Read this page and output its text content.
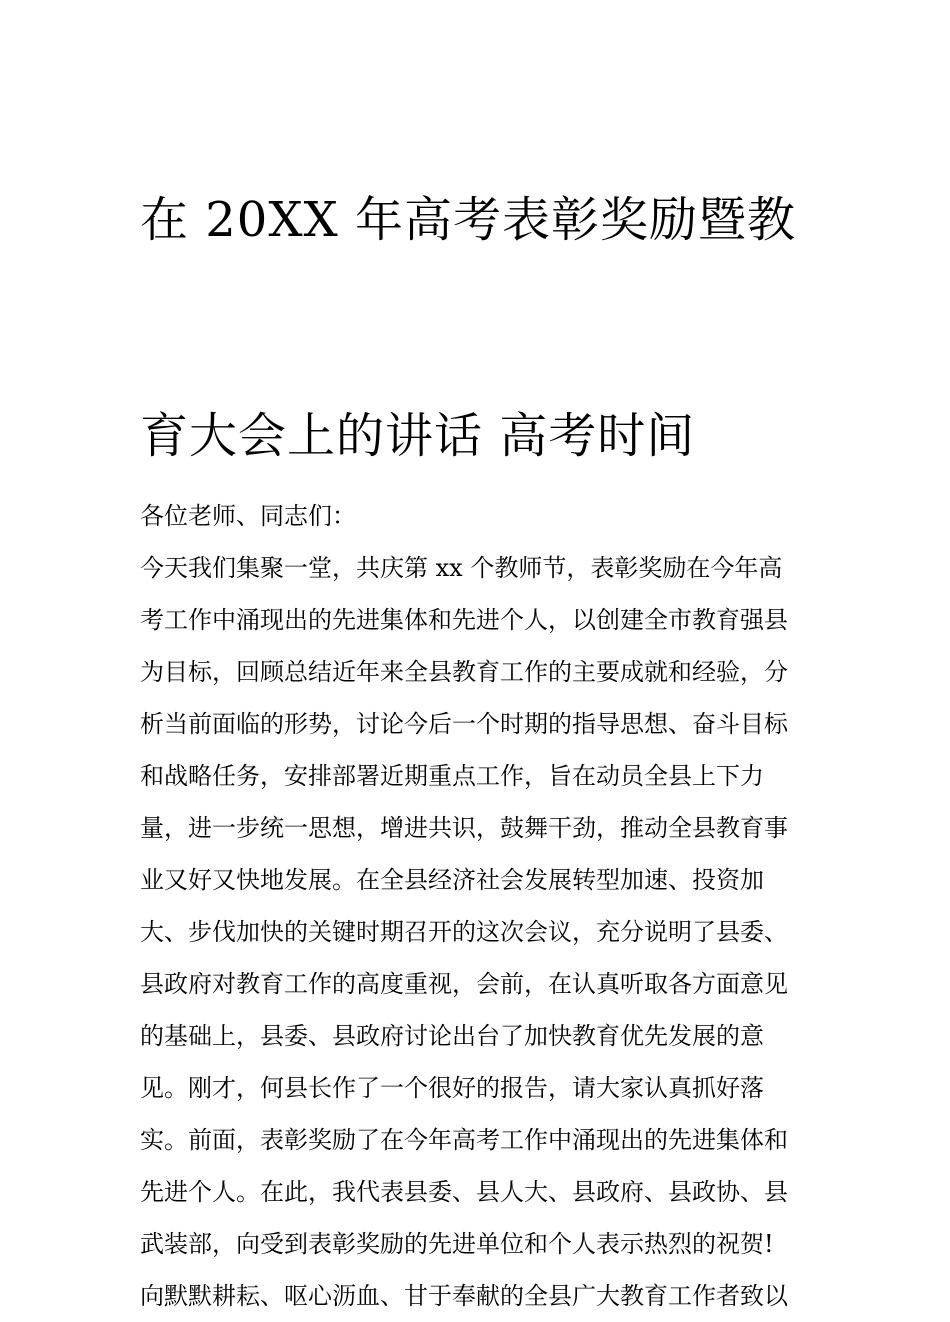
在 20XX 年高考表彰奖励暨教

育大会上的讲话 高考时间

各位老师、同志们：

今天我们集聚一堂，共庆第 xx 个教师节，表彰奖励在今年高
考工作中涌现出的先进集体和先进个人，以创建全市教育强县
为目标，回顾总结近年来全县教育工作的主要成就和经验，分
析当前面临的形势，讨论今后一个时期的指导思想、奋斗目标
和战略任务，安排部署近期重点工作，旨在动员全县上下力
量，进一步统一思想，增进共识，鼓舞干劲，推动全县教育事
业又好又快地发展。在全县经济社会发展转型加速、投资加
大、步伐加快的关键时期召开的这次会议，充分说明了县委、
县政府对教育工作的高度重视，会前，在认真听取各方面意见
的基础上，县委、县政府讨论出台了加快教育优先发展的意
见。刚才，何县长作了一个很好的报告，请大家认真抓好落
实。前面，表彰奖励了在今年高考工作中涌现出的先进集体和
先进个人。在此，我代表县委、县人大、县政府、县政协、县
武装部，向受到表彰奖励的先进单位和个人表示热烈的祝贺!
向默默耕耘、呕心沥血、甘于奉献的全县广大教育工作者致以
